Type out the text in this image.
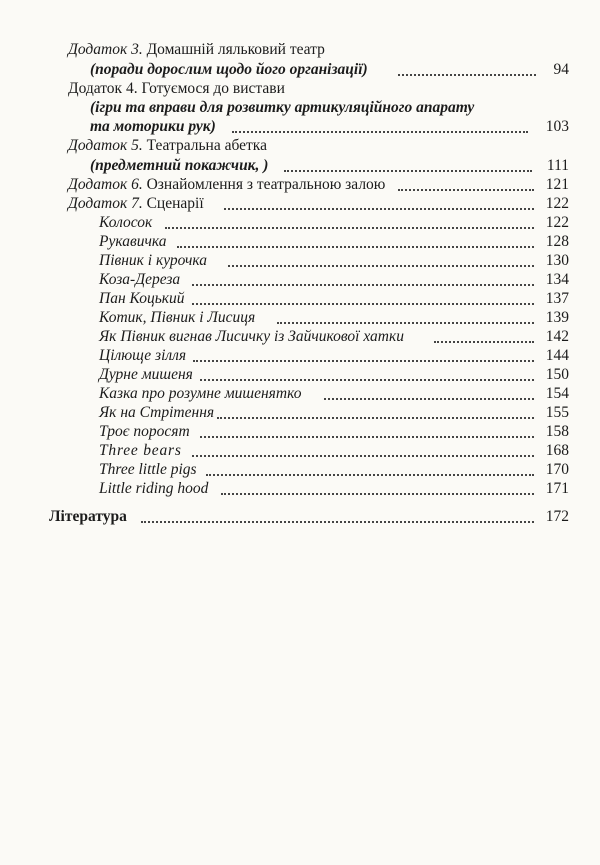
Додаток 3. Домашній ляльковий театр
(поради дорослим щодо його організації)	94
Додаток 4. Готуємося до вистави
(ігри та вправи для розвитку артикуляційного апарату
та моторики рук)	103
Додаток 5. Театральна абетка
(предметний покажчик, )	111
Додаток 6. Ознайомлення з театральною залою	121
Додаток 7. Сценарії	122
Колосок	122
Рукавичка	128
Півник і курочка	130
Коза-Дереза	134
Пан Коцький	137
Котик, Півник і Лисиця	139
Як Півник вигнав Лисичку із Зайчикової хатки	142
Цілюще зілля	144
Дурне мишеня	150
Казка про розумне мишенятко	154
Як на Стрітення	155
Троє поросят	158
Three bears	168
Three little pigs	170
Little riding hood	171
Література	172
